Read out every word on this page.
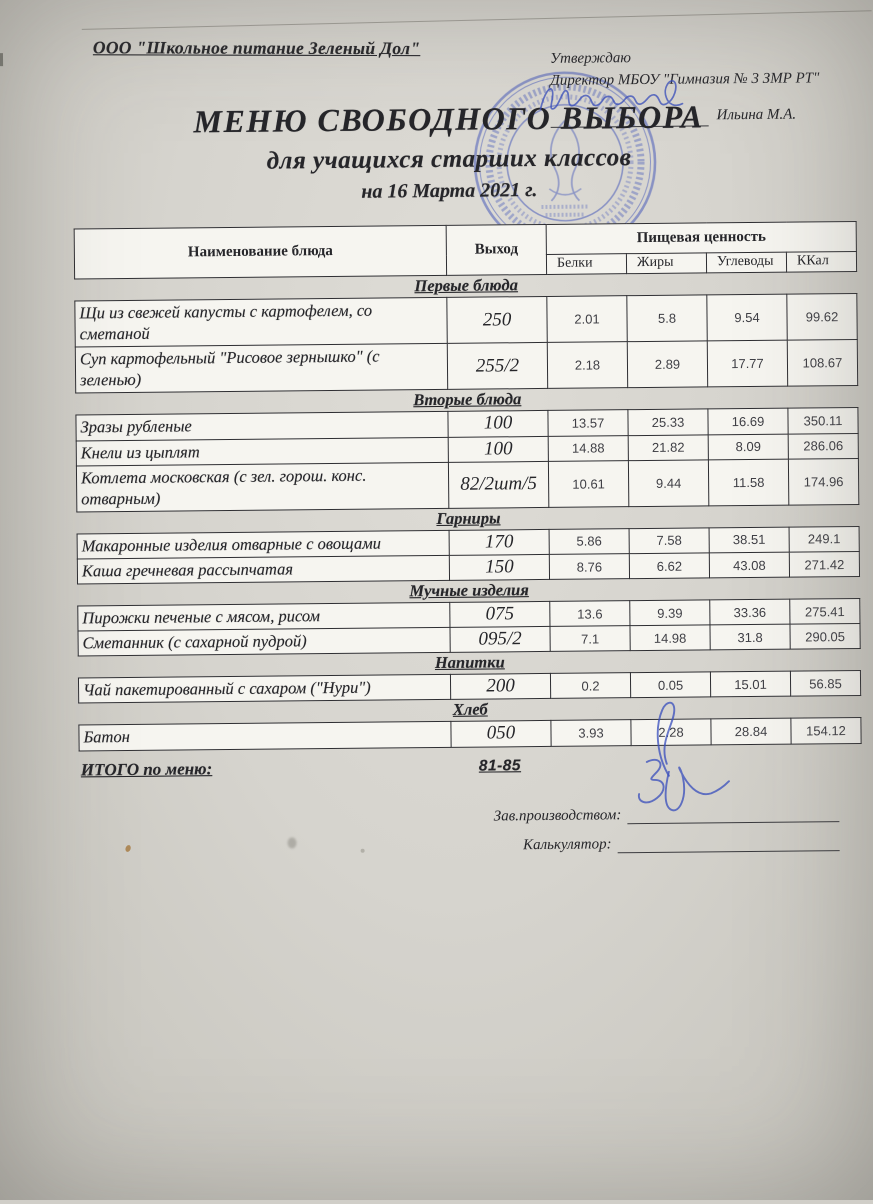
ООО "Школьное питание Зеленый Дол"
Утверждаю
Директор МБОУ "Гимназия № 3 ЗМР РТ"
Ильина М.А.
МЕНЮ СВОБОДНОГО ВЫБОРА
для учащихся старших классов
на 16 Марта 2021 г.
Наименование блюда	Выход	Пищевая ценность			
		Белки	Жиры	Углеводы	ККал
Первые блюда
Щи из свежей капусты с картофелем, со сметаной	250	2.01	5.8	9.54	99.62
Суп картофельный "Рисовое зернышко" (с зеленью)	255/2	2.18	2.89	17.77	108.67
Вторые блюда
Зразы рубленые	100	13.57	25.33	16.69	350.11
Кнели из цыплят	100	14.88	21.82	8.09	286.06
Котлета московская (с зел. горош. конс. отварным)	82/2шт/5	10.61	9.44	11.58	174.96
Гарниры
Макаронные изделия отварные с овощами	170	5.86	7.58	38.51	249.1
Каша гречневая рассыпчатая	150	8.76	6.62	43.08	271.42
Мучные изделия
Пирожки печеные с мясом, рисом	075	13.6	9.39	33.36	275.41
Сметанник (с сахарной пудрой)	095/2	7.1	14.98	31.8	290.05
Напитки
Чай пакетированный с сахаром ("Нури")	200	0.2	0.05	15.01	56.85
Хлеб
Батон	050	3.93	2.28	28.84	154.12
ИТОГО по меню:	81-85
Зав.производством:
Калькулятор:
